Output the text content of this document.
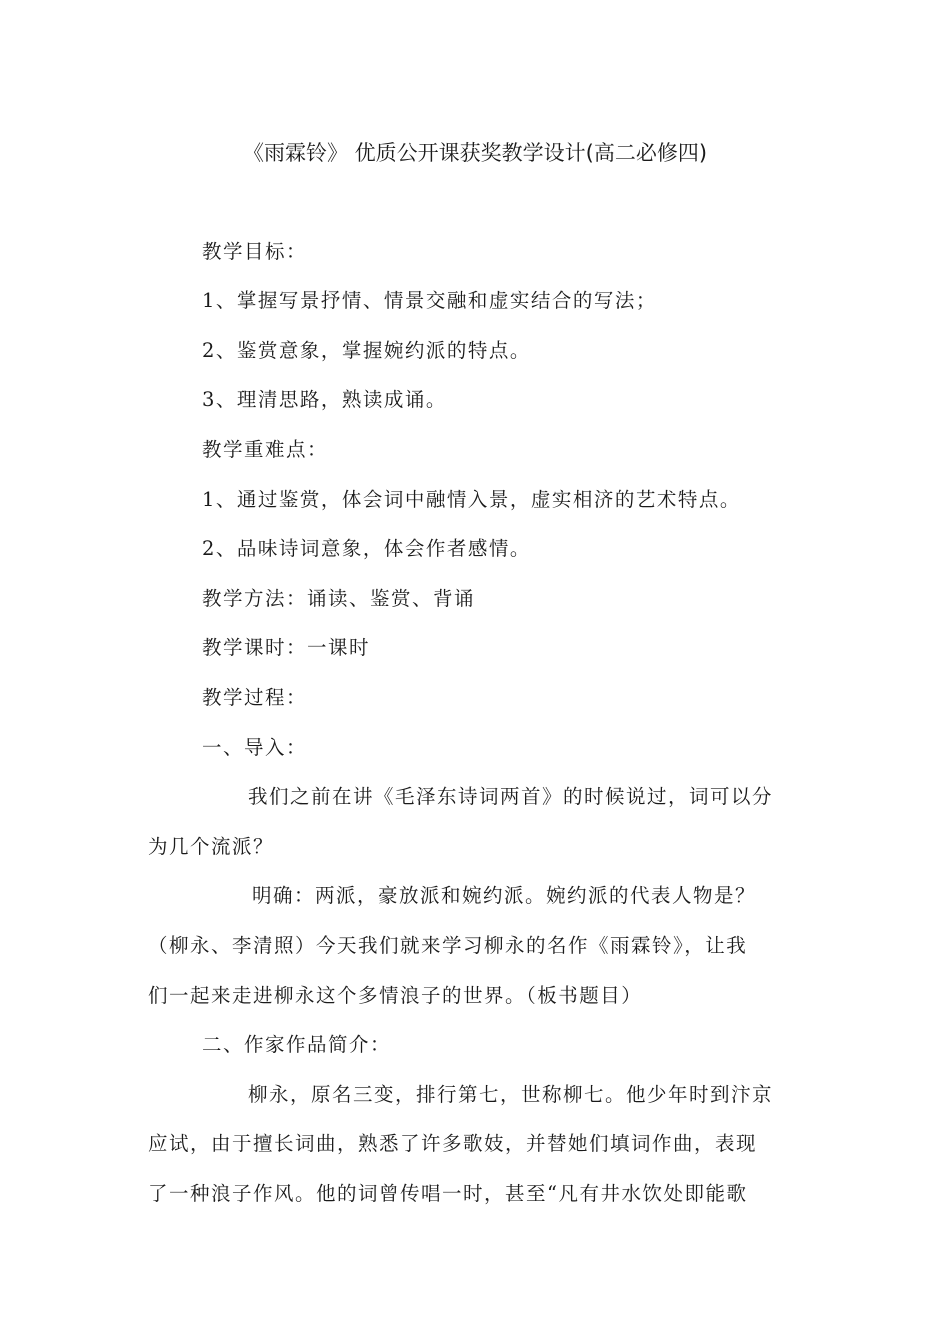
《雨霖铃》 优质公开课获奖教学设计(高二必修四)
教学目标：
1、掌握写景抒情、情景交融和虚实结合的写法；
2、鉴赏意象，掌握婉约派的特点。
3、理清思路，熟读成诵。
教学重难点：
1、通过鉴赏，体会词中融情入景，虚实相济的艺术特点。
2、品味诗词意象，体会作者感情。
教学方法：诵读、鉴赏、背诵
教学课时：一课时
教学过程：
一、导入：
我们之前在讲《毛泽东诗词两首》的时候说过，词可以分
为几个流派？
明确：两派，豪放派和婉约派。婉约派的代表人物是？
（柳永、李清照）今天我们就来学习柳永的名作《雨霖铃》，让我
们一起来走进柳永这个多情浪子的世界。（板书题目）
二、作家作品简介：
柳永，原名三变，排行第七，世称柳七。他少年时到汴京
应试，由于擅长词曲，熟悉了许多歌妓，并替她们填词作曲，表现
了一种浪子作风。他的词曾传唱一时，甚至“凡有井水饮处即能歌
